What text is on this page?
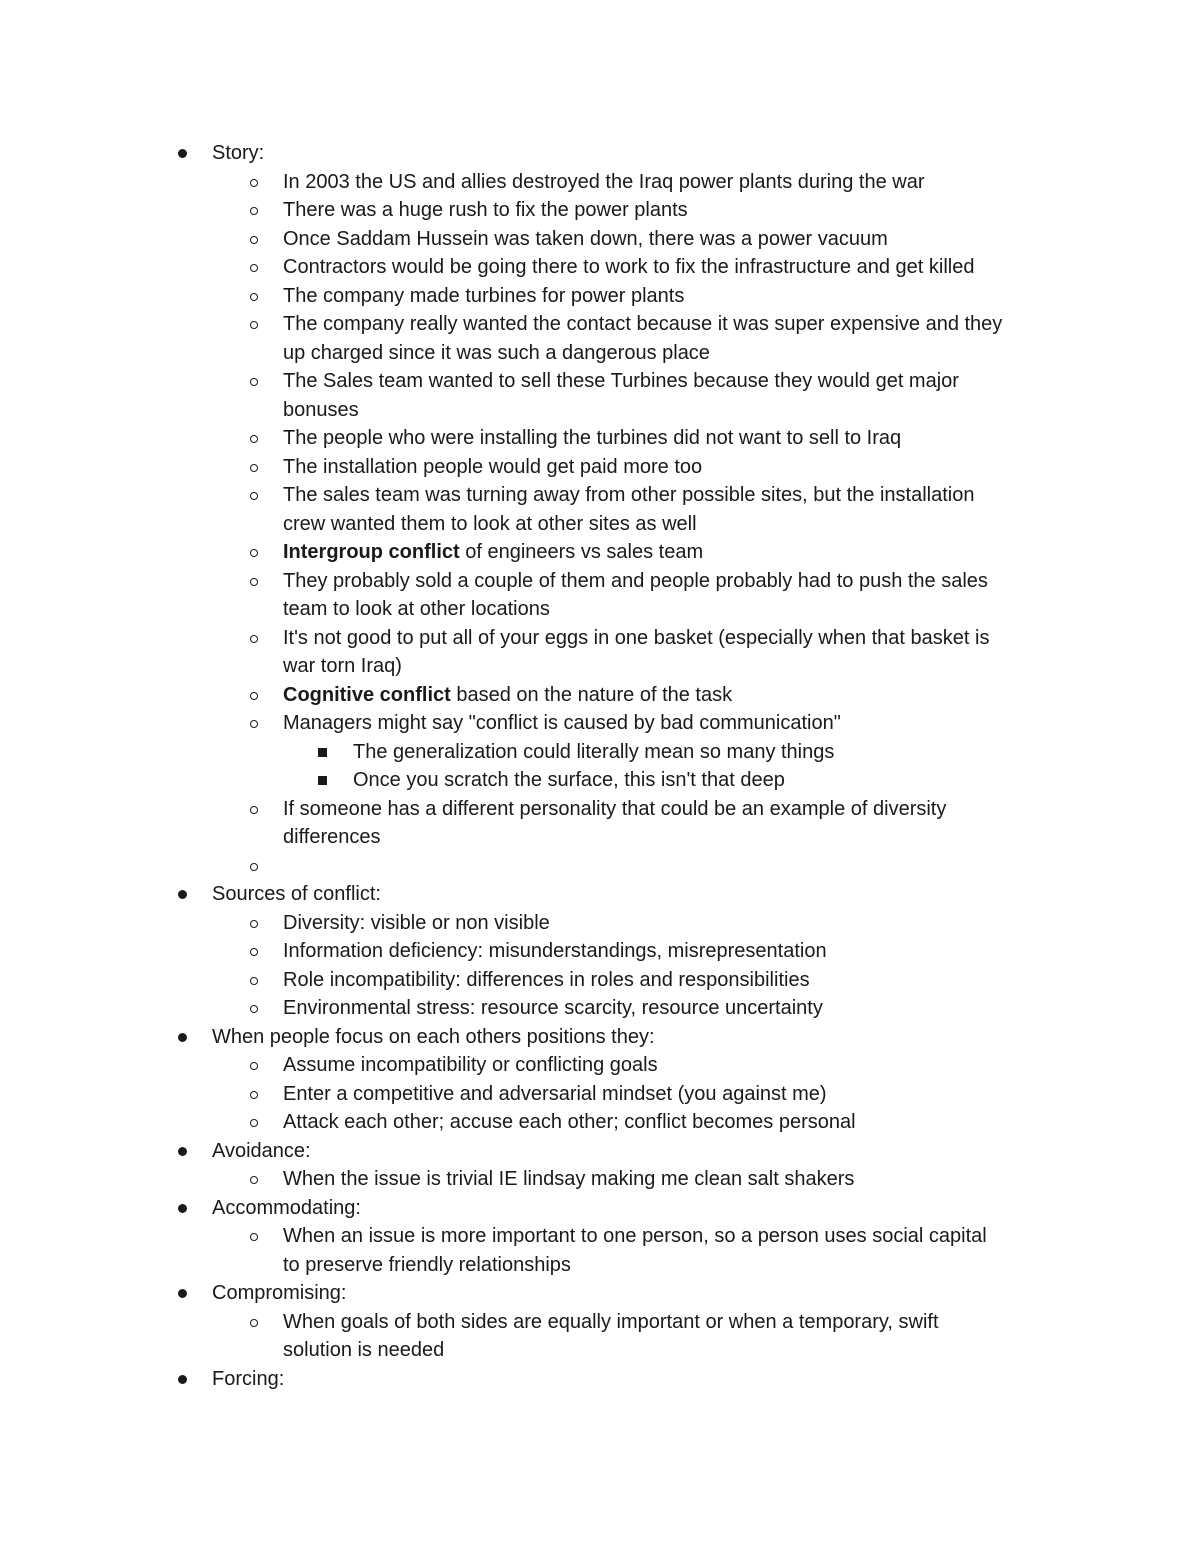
Story:
In 2003 the US and allies destroyed the Iraq power plants during the war
There was a huge rush to fix the power plants
Once Saddam Hussein was taken down, there was a power vacuum
Contractors would be going there to work to fix the infrastructure and get killed
The company made turbines for power plants
The company really wanted the contact because it was super expensive and they
up charged since it was such a dangerous place
The Sales team wanted to sell these Turbines because they would get major
bonuses
The people who were installing the turbines did not want to sell to Iraq
The installation people would get paid more too
The sales team was turning away from other possible sites, but the installation
crew wanted them to look at other sites as well
Intergroup conflict of engineers vs sales team
They probably sold a couple of them and people probably had to push the sales
team to look at other locations
It's not good to put all of your eggs in one basket (especially when that basket is
war torn Iraq)
Cognitive conflict based on the nature of the task
Managers might say "conflict is caused by bad communication"
The generalization could literally mean so many things
Once you scratch the surface, this isn't that deep
If someone has a different personality that could be an example of diversity
differences
Sources of conflict:
Diversity: visible or non visible
Information deficiency: misunderstandings, misrepresentation
Role incompatibility: differences in roles and responsibilities
Environmental stress: resource scarcity, resource uncertainty
When people focus on each others positions they:
Assume incompatibility or conflicting goals
Enter a competitive and adversarial mindset (you against me)
Attack each other; accuse each other; conflict becomes personal
Avoidance:
When the issue is trivial IE lindsay making me clean salt shakers
Accommodating:
When an issue is more important to one person, so a person uses social capital
to preserve friendly relationships
Compromising:
When goals of both sides are equally important or when a temporary, swift
solution is needed
Forcing:
